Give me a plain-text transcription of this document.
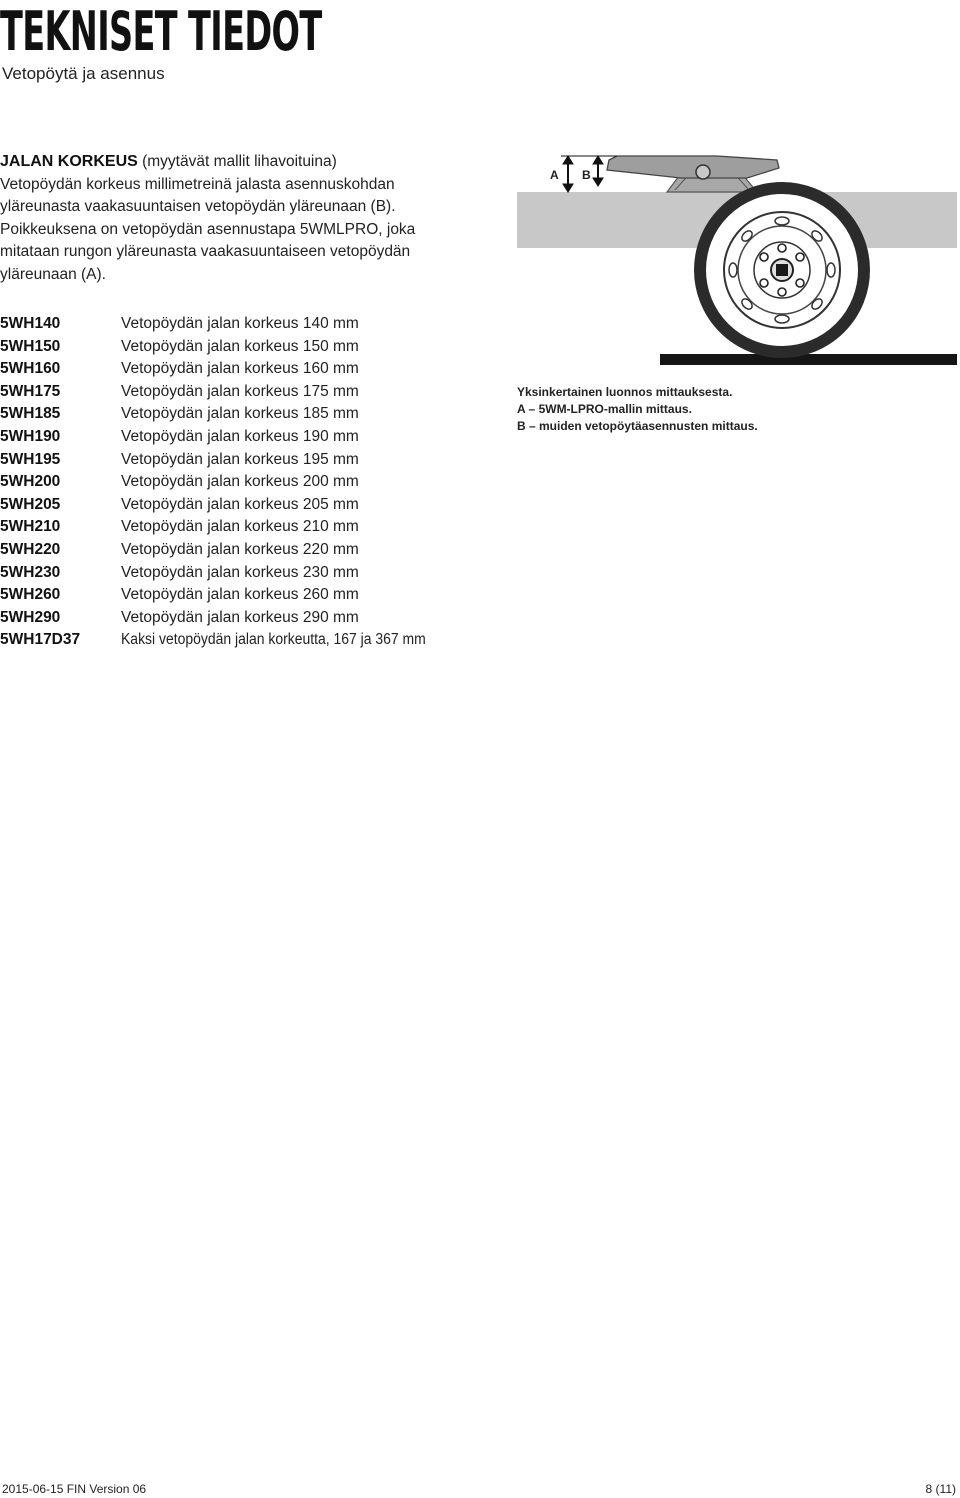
TEKNISET TIEDOT
Vetopöytä ja asennus
JALAN KORKEUS (myytävät mallit lihavoituina)
Vetopöydän korkeus millimetreinä jalasta asennuskohdan yläreunasta vaakasuuntaisen vetopöydän yläreunaan (B). Poikkeuksena on vetopöydän asennustapa 5WMLPRO, joka mitataan rungon yläreunasta vaakasuuntaiseen vetopöydän yläreunaan (A).
5WH140	Vetopöydän jalan korkeus 140 mm
5WH150	Vetopöydän jalan korkeus 150 mm
5WH160	Vetopöydän jalan korkeus 160 mm
5WH175	Vetopöydän jalan korkeus 175 mm
5WH185	Vetopöydän jalan korkeus 185 mm
5WH190	Vetopöydän jalan korkeus 190 mm
5WH195	Vetopöydän jalan korkeus 195 mm
5WH200	Vetopöydän jalan korkeus 200 mm
5WH205	Vetopöydän jalan korkeus 205 mm
5WH210	Vetopöydän jalan korkeus 210 mm
5WH220	Vetopöydän jalan korkeus 220 mm
5WH230	Vetopöydän jalan korkeus 230 mm
5WH260	Vetopöydän jalan korkeus 260 mm
5WH290	Vetopöydän jalan korkeus 290 mm
5WH17D37	Kaksi vetopöydän jalan korkeutta, 167 ja 367 mm
A B
Yksinkertainen luonnos mittauksesta.
A – 5WM-LPRO-mallin mittaus.
B – muiden vetopöytäasennusten mittaus.
2015-06-15 FIN Version 06	8 (11)
